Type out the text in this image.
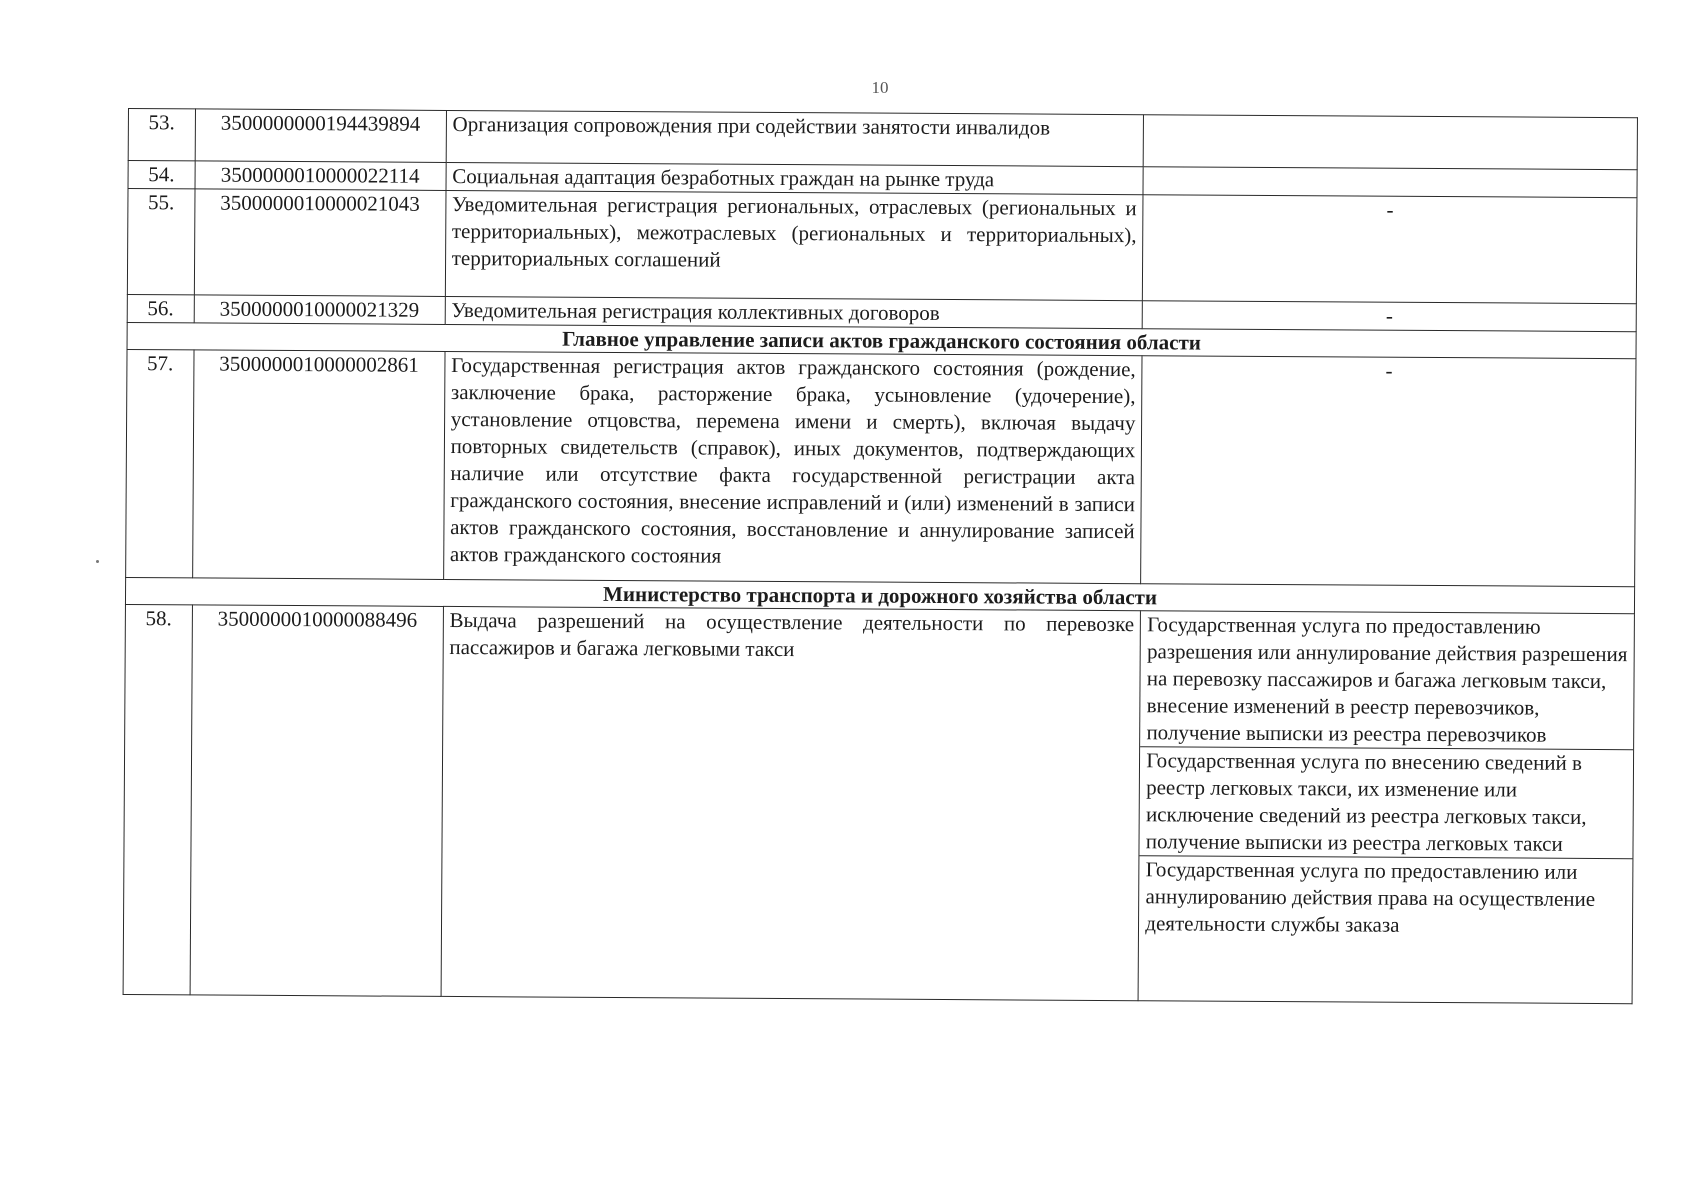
10
53.	3500000000194439894	Организация сопровождения при содействии занятости инвалидов	
54.	3500000010000022114	Социальная адаптация безработных граждан на рынке труда	
55.	3500000010000021043	Уведомительная регистрация региональных, отраслевых (региональных и территориальных), межотраслевых (региональных и территориальных), территориальных соглашений	-
56.	3500000010000021329	Уведомительная регистрация коллективных договоров	-
Главное управление записи актов гражданского состояния области			
57.	3500000010000002861	Государственная регистрация актов гражданского состояния (рождение, заключение брака, расторжение брака, усыновление (удочерение), установление отцовства, перемена имени и смерть), включая выдачу повторных свидетельств (справок), иных документов, подтверждающих наличие или отсутствие факта государственной регистрации акта гражданского состояния, внесение исправлений и (или) изменений в записи актов гражданского состояния, восстановление и аннулирование записей актов гражданского состояния	-
Министерство транспорта и дорожного хозяйства области			
58.	3500000010000088496	Выдача разрешений на осуществление деятельности по перевозке пассажиров и багажа легковыми такси	Государственная услуга по предоставлению разрешения или аннулирование действия разрешения на перевозку пассажиров и багажа легковым такси, внесение изменений в реестр перевозчиков, получение выписки из реестра перевозчиков
Государственная услуга по внесению сведений в реестр легковых такси, их изменение или исключение сведений из реестра легковых такси, получение выписки из реестра легковых такси
Государственная услуга по предоставлению или аннулированию действия права на осуществление деятельности службы заказа
